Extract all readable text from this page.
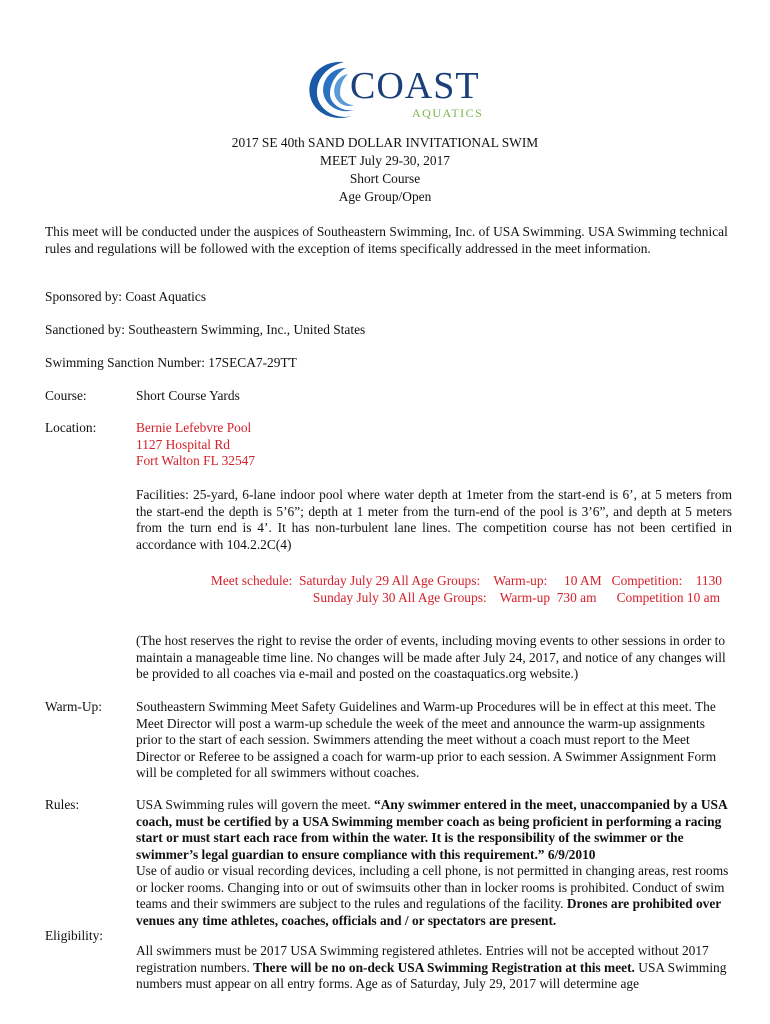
COAST
AQUATICS
2017 SE 40th SAND DOLLAR INVITATIONAL SWIM
MEET July 29-30, 2017
Short Course
Age Group/Open
This meet will be conducted under the auspices of Southeastern Swimming, Inc. of USA Swimming. USA Swimming technical rules and regulations will be followed with the exception of items specifically addressed in the meet information.
Sponsored by: Coast Aquatics
Sanctioned by: Southeastern Swimming, Inc., United States
Swimming Sanction Number: 17SECA7-29TT
Course:	Short Course Yards
Location:	Bernie Lefebvre Pool
1127 Hospital Rd
Fort Walton FL 32547
Facilities: 25-yard, 6-lane indoor pool where water depth at 1meter from the start-end is 6’, at 5 meters from the start-end the depth is 5’6”; depth at 1 meter from the turn-end of the pool is 3’6”, and depth at 5 meters from the turn end is 4’. It has non-turbulent lane lines. The competition course has not been certified in accordance with 104.2.2C(4)
Meet schedule:  Saturday July 29 All Age Groups:    Warm-up:     10 AM   Competition:    1130
Sunday July 30 All Age Groups:    Warm-up  730 am      Competition 10 am
(The host reserves the right to revise the order of events, including moving events to other sessions in order to maintain a manageable time line. No changes will be made after July 24, 2017, and notice of any changes will be provided to all coaches via e-mail and posted on the coastaquatics.org website.)
Warm-Up:	Southeastern Swimming Meet Safety Guidelines and Warm-up Procedures will be in effect at this meet. The Meet Director will post a warm-up schedule the week of the meet and announce the warm-up assignments prior to the start of each session. Swimmers attending the meet without a coach must report to the Meet Director or Referee to be assigned a coach for warm-up prior to each session. A Swimmer Assignment Form will be completed for all swimmers without coaches.
Rules:	USA Swimming rules will govern the meet. “Any swimmer entered in the meet, unaccompanied by a USA coach, must be certified by a USA Swimming member coach as being proficient in performing a racing start or must start each race from within the water. It is the responsibility of the swimmer or the swimmer’s legal guardian to ensure compliance with this requirement.” 6/9/2010
Use of audio or visual recording devices, including a cell phone, is not permitted in changing areas, rest rooms or locker rooms. Changing into or out of swimsuits other than in locker rooms is prohibited. Conduct of swim teams and their swimmers are subject to the rules and regulations of the facility. Drones are prohibited over venues any time athletes, coaches, officials and / or spectators are present.
Eligibility:
All swimmers must be 2017 USA Swimming registered athletes. Entries will not be accepted without 2017 registration numbers. There will be no on-deck USA Swimming Registration at this meet. USA Swimming numbers must appear on all entry forms. Age as of Saturday, July 29, 2017 will determine age
